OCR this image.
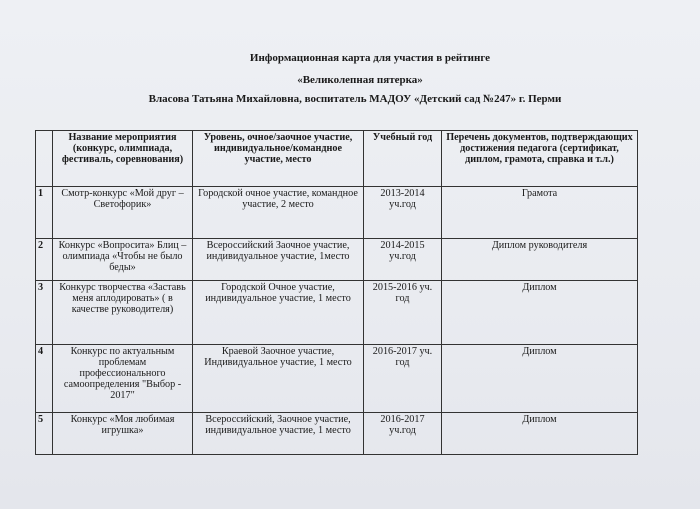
Информационная карта для участия в рейтинге
«Великолепная пятерка»
Власова Татьяна Михайловна, воспитатель МАДОУ «Детский сад №247» г. Перми
	Название мероприятия (конкурс, олимпиада, фестиваль, соревнования)	Уровень, очное/заочное участие, индивидуальное/командное участие, место	Учебный год	Перечень документов, подтверждающих достижения педагога (сертификат, диплом, грамота, справка и т.л.)
1	Смотр-конкурс «Мой друг –Светофорик»	Городской очное участие, командное участие, 2 место	2013-2014 уч.год	Грамота
2	Конкурс «Вопросита» Блиц – олимпиада «Чтобы не было беды»	Всероссийский Заочное участие, индивидуальное участие, 1место	2014-2015 уч.год	Диплом руководителя
3	Конкурс творчества «Заставь меня аплодировать» ( в качестве руководителя)	Городской Очное участие, индивидуальное участие, 1 место	2015-2016 уч. год	Диплом
4	Конкурс по актуальным проблемам профессионального самоопределения "Выбор - 2017"	Краевой Заочное участие, Индивидуальное участие, 1 место	2016-2017 уч. год	Диплом
5	Конкурс «Моя любимая игрушка»	Всероссийский, Заочное участие, индивидуальное участие, 1 место	2016-2017 уч.год	Диплом
